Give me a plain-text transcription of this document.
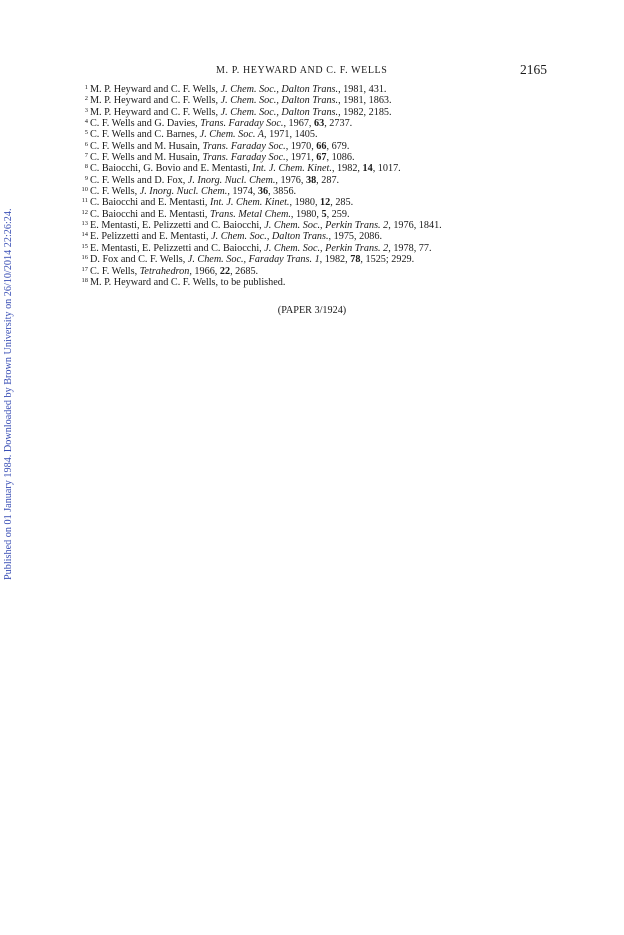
Published on 01 January 1984. Downloaded by Brown University on 26/10/2014 22:26:24.
M. P. HEYWARD AND C. F. WELLS	2165
1 M. P. Heyward and C. F. Wells, J. Chem. Soc., Dalton Trans., 1981, 431.
2 M. P. Heyward and C. F. Wells, J. Chem. Soc., Dalton Trans., 1981, 1863.
3 M. P. Heyward and C. F. Wells, J. Chem. Soc., Dalton Trans., 1982, 2185.
4 C. F. Wells and G. Davies, Trans. Faraday Soc., 1967, 63, 2737.
5 C. F. Wells and C. Barnes, J. Chem. Soc. A, 1971, 1405.
6 C. F. Wells and M. Husain, Trans. Faraday Soc., 1970, 66, 679.
7 C. F. Wells and M. Husain, Trans. Faraday Soc., 1971, 67, 1086.
8 C. Baiocchi, G. Bovio and E. Mentasti, Int. J. Chem. Kinet., 1982, 14, 1017.
9 C. F. Wells and D. Fox, J. Inorg. Nucl. Chem., 1976, 38, 287.
10 C. F. Wells, J. Inorg. Nucl. Chem., 1974, 36, 3856.
11 C. Baiocchi and E. Mentasti, Int. J. Chem. Kinet., 1980, 12, 285.
12 C. Baiocchi and E. Mentasti, Trans. Metal Chem., 1980, 5, 259.
13 E. Mentasti, E. Pelizzetti and C. Baiocchi, J. Chem. Soc., Perkin Trans. 2, 1976, 1841.
14 E. Pelizzetti and E. Mentasti, J. Chem. Soc., Dalton Trans., 1975, 2086.
15 E. Mentasti, E. Pelizzetti and C. Baiocchi, J. Chem. Soc., Perkin Trans. 2, 1978, 77.
16 D. Fox and C. F. Wells, J. Chem. Soc., Faraday Trans. 1, 1982, 78, 1525; 2929.
17 C. F. Wells, Tetrahedron, 1966, 22, 2685.
18 M. P. Heyward and C. F. Wells, to be published.
(PAPER 3/1924)
